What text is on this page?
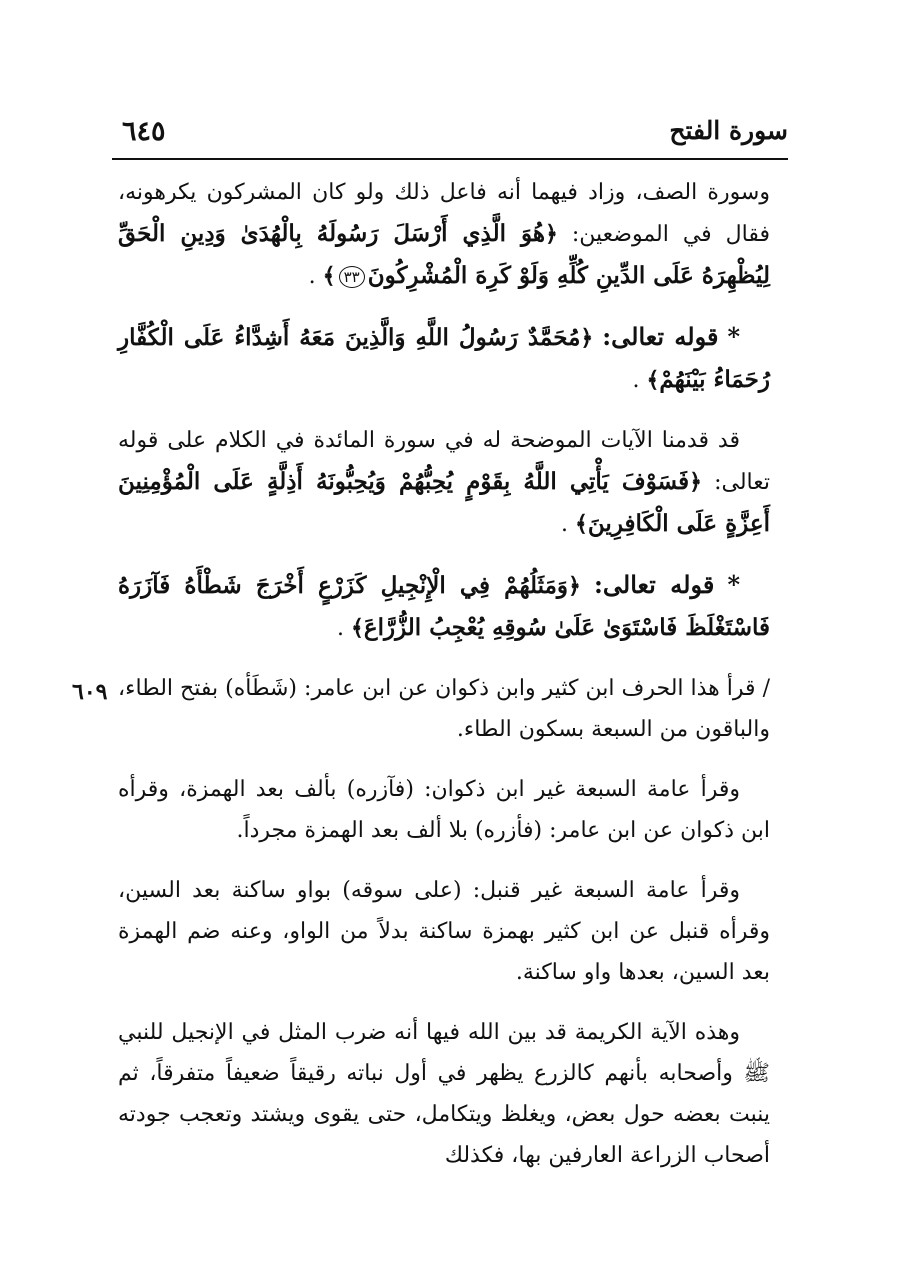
سورة الفتح
٦٤٥
٦٠٩

وسورة الصف، وزاد فيهما أنه فاعل ذلك ولو كان المشركون يكرهونه، فقال في الموضعين: ﴿هُوَ الَّذِي أَرْسَلَ رَسُولَهُ بِالْهُدَىٰ وَدِينِ الْحَقِّ لِيُظْهِرَهُ عَلَى الدِّينِ كُلِّهِ وَلَوْ كَرِهَ الْمُشْرِكُونَ٣٣﴾ .

* قوله تعالى: ﴿مُحَمَّدٌ رَسُولُ اللَّهِ وَالَّذِينَ مَعَهُ أَشِدَّاءُ عَلَى الْكُفَّارِ رُحَمَاءُ بَيْنَهُمْ﴾ .

قد قدمنا الآيات الموضحة له في سورة المائدة في الكلام على قوله تعالى: ﴿فَسَوْفَ يَأْتِي اللَّهُ بِقَوْمٍ يُحِبُّهُمْ وَيُحِبُّونَهُ أَذِلَّةٍ عَلَى الْمُؤْمِنِينَ أَعِزَّةٍ عَلَى الْكَافِرِينَ﴾ .

* قوله تعالى: ﴿وَمَثَلُهُمْ فِي الْإِنْجِيلِ كَزَرْعٍ أَخْرَجَ شَطْأَهُ فَآزَرَهُ فَاسْتَغْلَظَ فَاسْتَوَىٰ عَلَىٰ سُوقِهِ يُعْجِبُ الزُّرَّاعَ﴾ .

/ قرأ هذا الحرف ابن كثير وابن ذكوان عن ابن عامر: (شَطَأه) بفتح الطاء، والباقون من السبعة بسكون الطاء.

وقرأ عامة السبعة غير ابن ذكوان: (فآزره) بألف بعد الهمزة، وقرأه ابن ذكوان عن ابن عامر: (فأزره) بلا ألف بعد الهمزة مجرداً.

وقرأ عامة السبعة غير قنبل: (على سوقه) بواو ساكنة بعد السين، وقرأه قنبل عن ابن كثير بهمزة ساكنة بدلاً من الواو، وعنه ضم الهمزة بعد السين، بعدها واو ساكنة.

وهذه الآية الكريمة قد بين الله فيها أنه ضرب المثل في الإنجيل للنبي ﷺ وأصحابه بأنهم كالزرع يظهر في أول نباته رقيقاً ضعيفاً متفرقاً، ثم ينبت بعضه حول بعض، ويغلظ ويتكامل، حتى يقوى ويشتد وتعجب جودته أصحاب الزراعة العارفين بها، فكذلك
